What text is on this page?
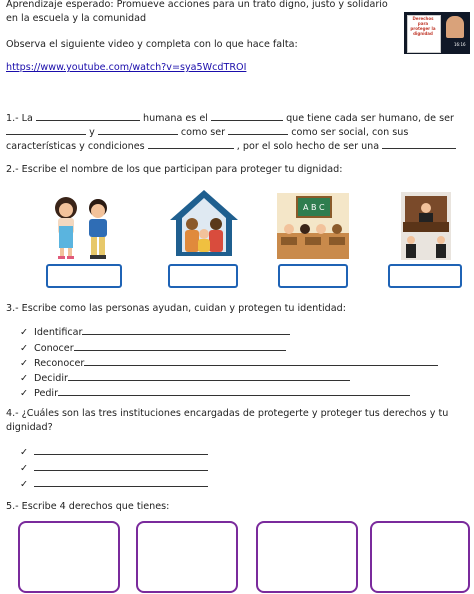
Aprendizaje esperado: Promueve acciones para un trato digno, justo y solidario en la escuela y la comunidad	Derechos para proteger la dignidad
16:16
Observa el siguiente video y completa con lo que hace falta:
https://www.youtube.com/watch?v=sya5WcdTROI
1.- La	humana es el	que tiene cada ser humano, de ser
y	como ser	como ser social, con sus
características y condiciones	, por el solo hecho de ser una
2.- Escribe el nombre de los que participan para proteger tu dignidad:
A B C
3.- Escribe como las personas ayudan, cuidan y protegen tu identidad:
✓ Identificar
✓ Conocer
✓ Reconocer
✓ Decidir
✓ Pedir
4.- ¿Cuáles son las tres instituciones encargadas de protegerte y proteger tus derechos y tu dignidad?
✓
✓
✓
5.- Escribe 4 derechos que tienes:
